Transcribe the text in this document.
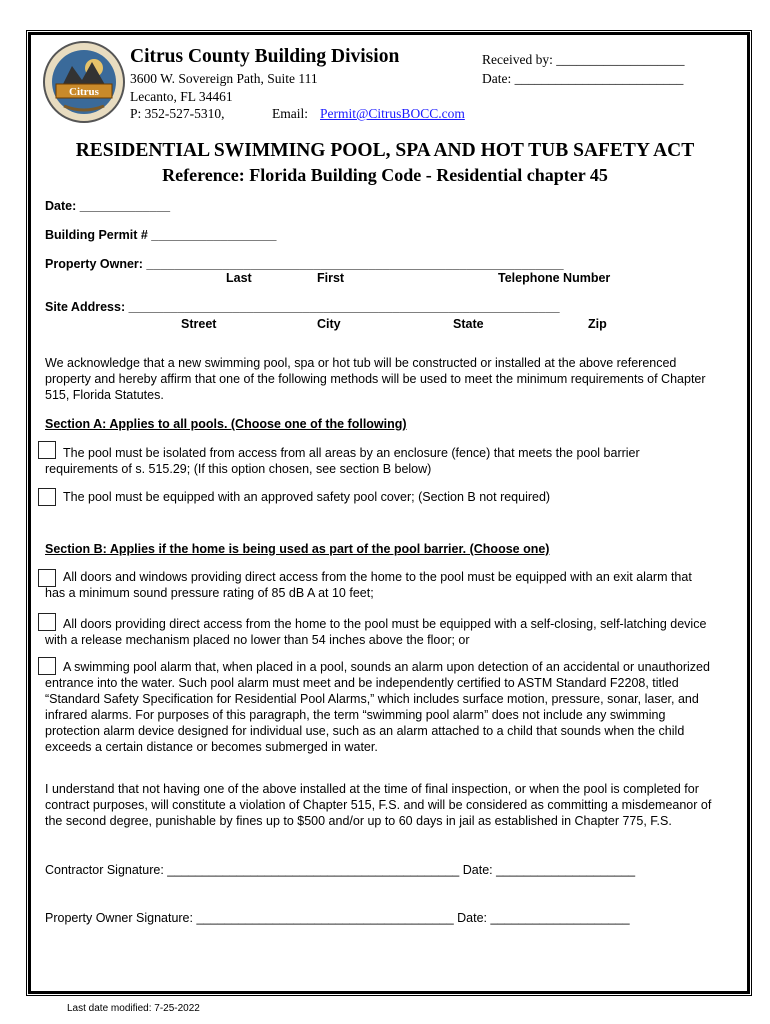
Citrus
Citrus County Building Division
3600 W. Sovereign Path, Suite 111
Lecanto, FL 34461
P: 352-527-5310,	Email: Permit@CitrusBOCC.com
Received by: ___________________
Date: _________________________
RESIDENTIAL SWIMMING POOL, SPA AND HOT TUB SAFETY ACT
Reference: Florida Building Code - Residential chapter 45
Date: _____________
Building Permit # __________________
Property Owner: ____________________________________________________________
Last	First	Telephone Number
Site Address: ______________________________________________________________
Street	City	State	Zip
We acknowledge that a new swimming pool, spa or hot tub will be constructed or installed at the above referenced property and hereby affirm that one of the following methods will be used to meet the minimum requirements of Chapter 515, Florida Statutes.
Section A: Applies to all pools. (Choose one of the following)
The pool must be isolated from access from all areas by an enclosure (fence) that meets the pool barrier requirements of s. 515.29; (If this option chosen, see section B below)
The pool must be equipped with an approved safety pool cover; (Section B not required)
Section B: Applies if the home is being used as part of the pool barrier. (Choose one)
All doors and windows providing direct access from the home to the pool must be equipped with an exit alarm that has a minimum sound pressure rating of 85 dB A at 10 feet;
All doors providing direct access from the home to the pool must be equipped with a self-closing, self-latching device with a release mechanism placed no lower than 54 inches above the floor; or
A swimming pool alarm that, when placed in a pool, sounds an alarm upon detection of an accidental or unauthorized entrance into the water. Such pool alarm must meet and be independently certified to ASTM Standard F2208, titled “Standard Safety Specification for Residential Pool Alarms,” which includes surface motion, pressure, sonar, laser, and infrared alarms. For purposes of this paragraph, the term “swimming pool alarm” does not include any swimming protection alarm device designed for individual use, such as an alarm attached to a child that sounds when the child exceeds a certain distance or becomes submerged in water.
I understand that not having one of the above installed at the time of final inspection, or when the pool is completed for contract purposes, will constitute a violation of Chapter 515, F.S. and will be considered as committing a misdemeanor of the second degree, punishable by fines up to $500 and/or up to 60 days in jail as established in Chapter 775, F.S.
Contractor Signature: __________________________________________ Date: ____________________
Property Owner Signature: _____________________________________ Date: ____________________
Last date modified: 7-25-2022
